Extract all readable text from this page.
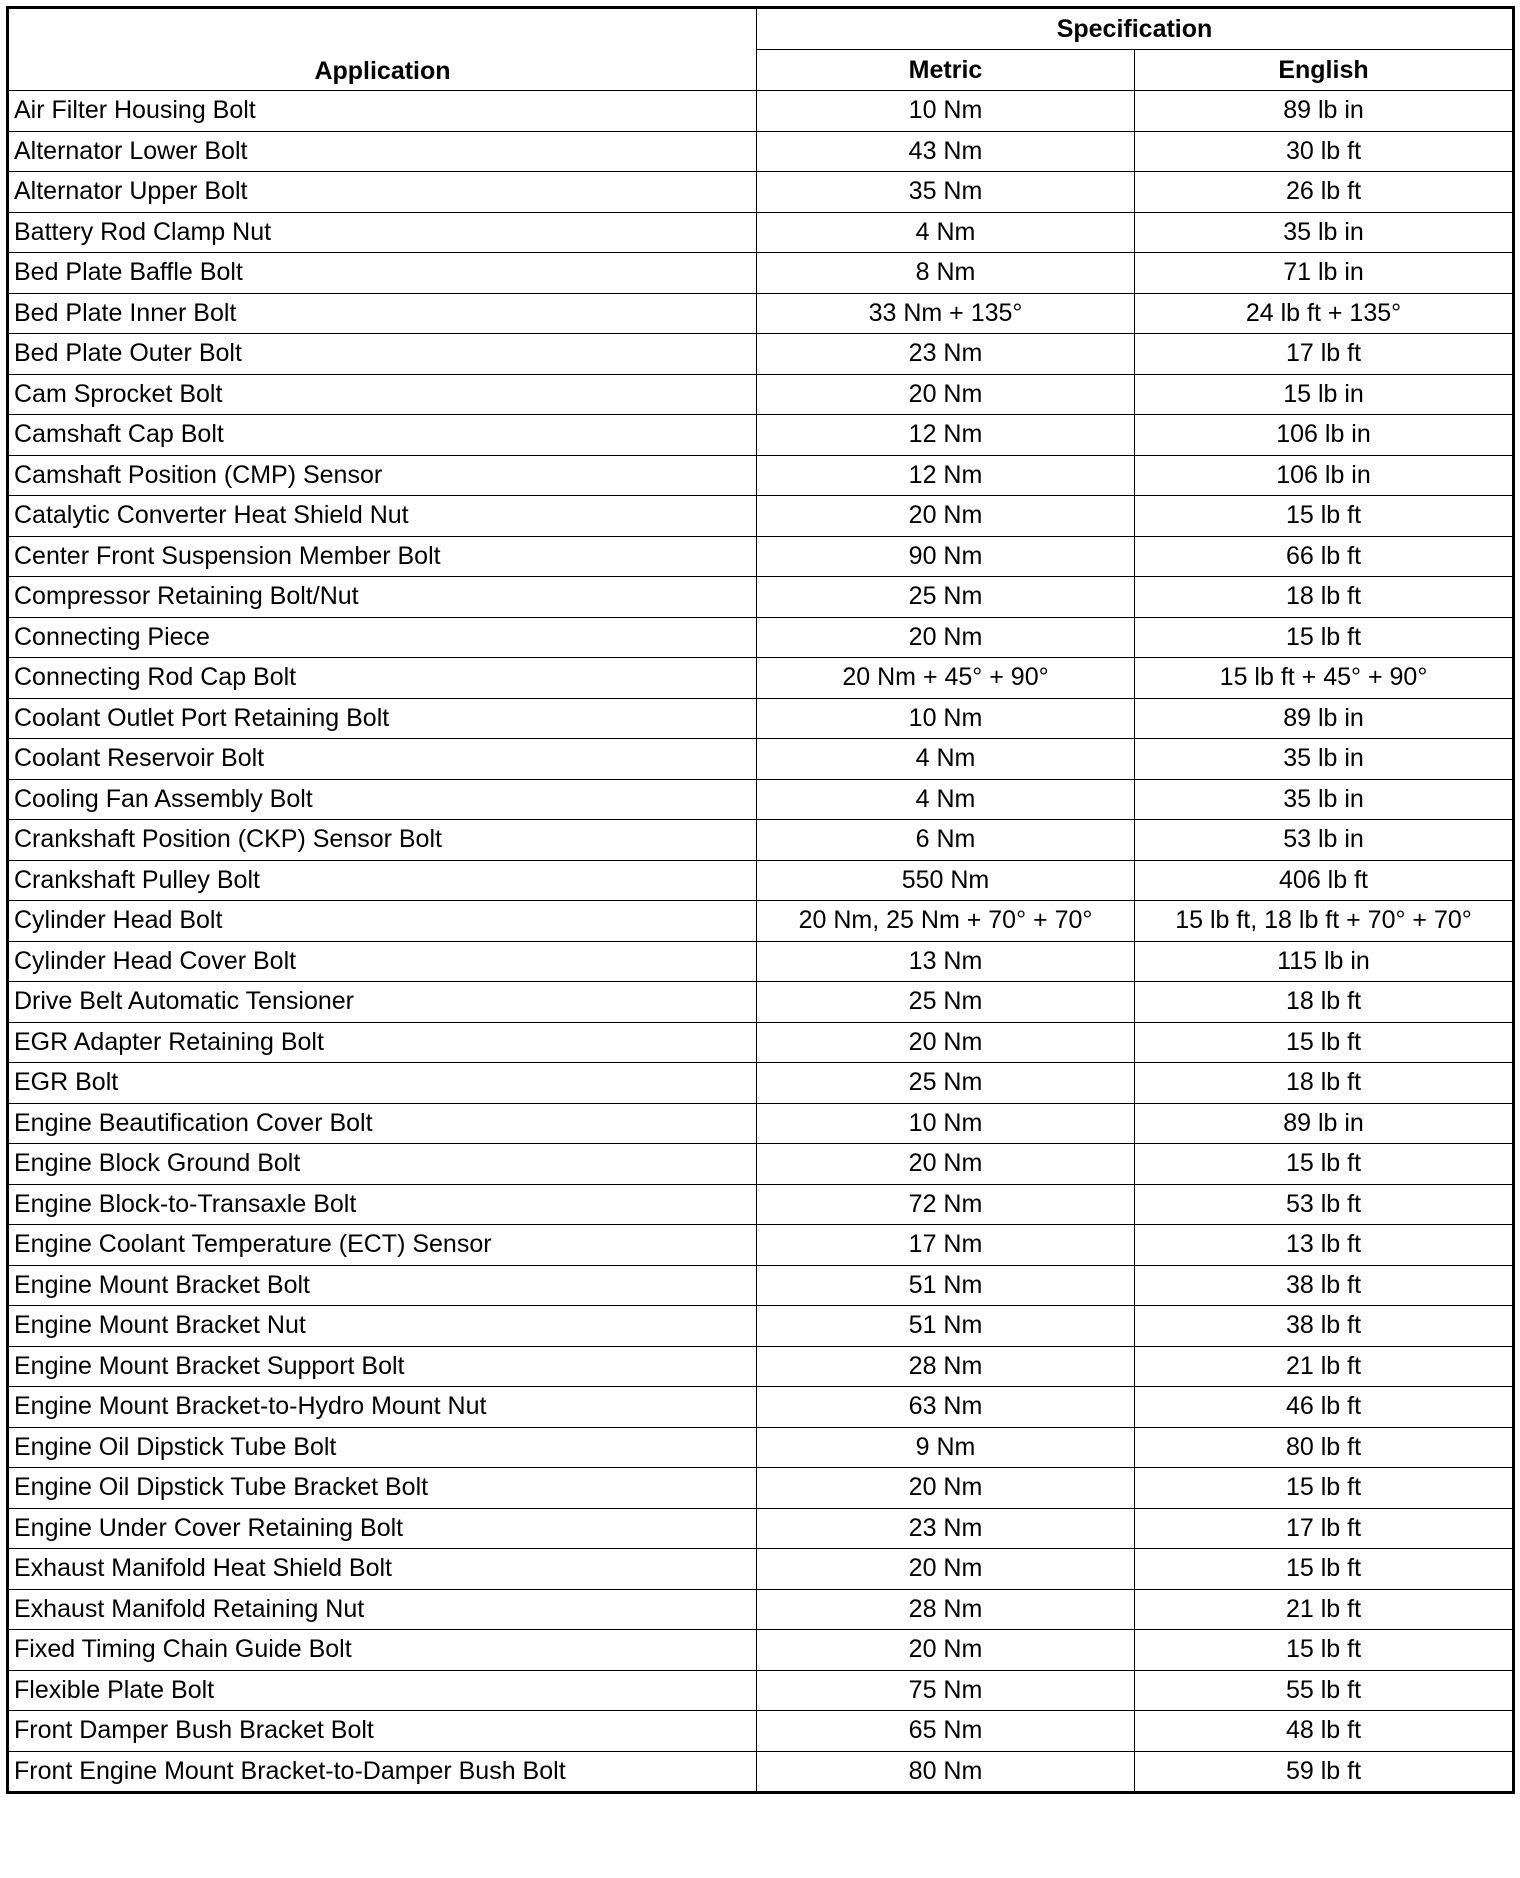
Application	Specification	
	Metric	English
Air Filter Housing Bolt	10 Nm	89 lb in
Alternator Lower Bolt	43 Nm	30 lb ft
Alternator Upper Bolt	35 Nm	26 lb ft
Battery Rod Clamp Nut	4 Nm	35 lb in
Bed Plate Baffle Bolt	8 Nm	71 lb in
Bed Plate Inner Bolt	33 Nm + 135°	24 lb ft + 135°
Bed Plate Outer Bolt	23 Nm	17 lb ft
Cam Sprocket Bolt	20 Nm	15 lb in
Camshaft Cap Bolt	12 Nm	106 lb in
Camshaft Position (CMP) Sensor	12 Nm	106 lb in
Catalytic Converter Heat Shield Nut	20 Nm	15 lb ft
Center Front Suspension Member Bolt	90 Nm	66 lb ft
Compressor Retaining Bolt/Nut	25 Nm	18 lb ft
Connecting Piece	20 Nm	15 lb ft
Connecting Rod Cap Bolt	20 Nm + 45° + 90°	15 lb ft + 45° + 90°
Coolant Outlet Port Retaining Bolt	10 Nm	89 lb in
Coolant Reservoir Bolt	4 Nm	35 lb in
Cooling Fan Assembly Bolt	4 Nm	35 lb in
Crankshaft Position (CKP) Sensor Bolt	6 Nm	53 lb in
Crankshaft Pulley Bolt	550 Nm	406 lb ft
Cylinder Head Bolt	20 Nm, 25 Nm + 70° + 70°	15 lb ft, 18 lb ft + 70° + 70°
Cylinder Head Cover Bolt	13 Nm	115 lb in
Drive Belt Automatic Tensioner	25 Nm	18 lb ft
EGR Adapter Retaining Bolt	20 Nm	15 lb ft
EGR Bolt	25 Nm	18 lb ft
Engine Beautification Cover Bolt	10 Nm	89 lb in
Engine Block Ground Bolt	20 Nm	15 lb ft
Engine Block-to-Transaxle Bolt	72 Nm	53 lb ft
Engine Coolant Temperature (ECT) Sensor	17 Nm	13 lb ft
Engine Mount Bracket Bolt	51 Nm	38 lb ft
Engine Mount Bracket Nut	51 Nm	38 lb ft
Engine Mount Bracket Support Bolt	28 Nm	21 lb ft
Engine Mount Bracket-to-Hydro Mount Nut	63 Nm	46 lb ft
Engine Oil Dipstick Tube Bolt	9 Nm	80 lb ft
Engine Oil Dipstick Tube Bracket Bolt	20 Nm	15 lb ft
Engine Under Cover Retaining Bolt	23 Nm	17 lb ft
Exhaust Manifold Heat Shield Bolt	20 Nm	15 lb ft
Exhaust Manifold Retaining Nut	28 Nm	21 lb ft
Fixed Timing Chain Guide Bolt	20 Nm	15 lb ft
Flexible Plate Bolt	75 Nm	55 lb ft
Front Damper Bush Bracket Bolt	65 Nm	48 lb ft
Front Engine Mount Bracket-to-Damper Bush Bolt	80 Nm	59 lb ft
